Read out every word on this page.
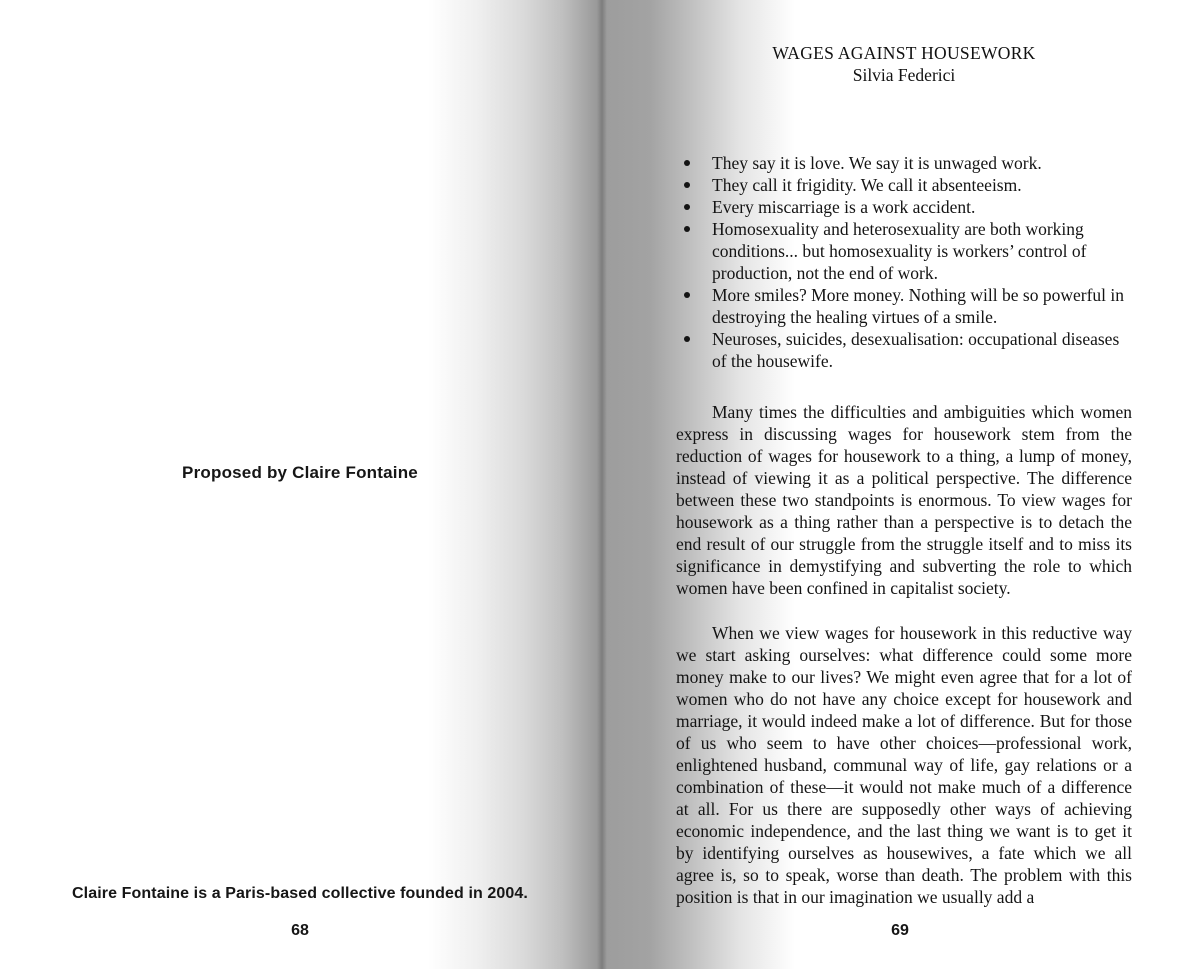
Proposed by Claire Fontaine
Claire Fontaine is a Paris-based collective founded in 2004.
68
WAGES AGAINST HOUSEWORK
Silvia Federici
They say it is love. We say it is unwaged work.
They call it frigidity. We call it absenteeism.
Every miscarriage is a work accident.
Homosexuality and heterosexuality are both working conditions... but homosexuality is workers’ control of production, not the end of work.
More smiles? More money. Nothing will be so powerful in destroying the healing virtues of a smile.
Neuroses, suicides, desexualisation: occupational diseases of the housewife.

Many times the difficulties and ambiguities which women express in discussing wages for housework stem from the reduction of wages for housework to a thing, a lump of money, instead of viewing it as a political perspective. The difference between these two standpoints is enormous. To view wages for housework as a thing rather than a perspective is to detach the end result of our struggle from the struggle itself and to miss its significance in demystifying and subverting the role to which women have been confined in capitalist society.

When we view wages for housework in this reductive way we start asking ourselves: what difference could some more money make to our lives? We might even agree that for a lot of women who do not have any choice except for housework and marriage, it would indeed make a lot of difference. But for those of us who seem to have other choices—professional work, enlightened husband, communal way of life, gay relations or a combination of these—it would not make much of a difference at all. For us there are supposedly other ways of achieving economic independence, and the last thing we want is to get it by identifying ourselves as housewives, a fate which we all agree is, so to speak, worse than death. The problem with this position is that in our imagination we usually add a

69
